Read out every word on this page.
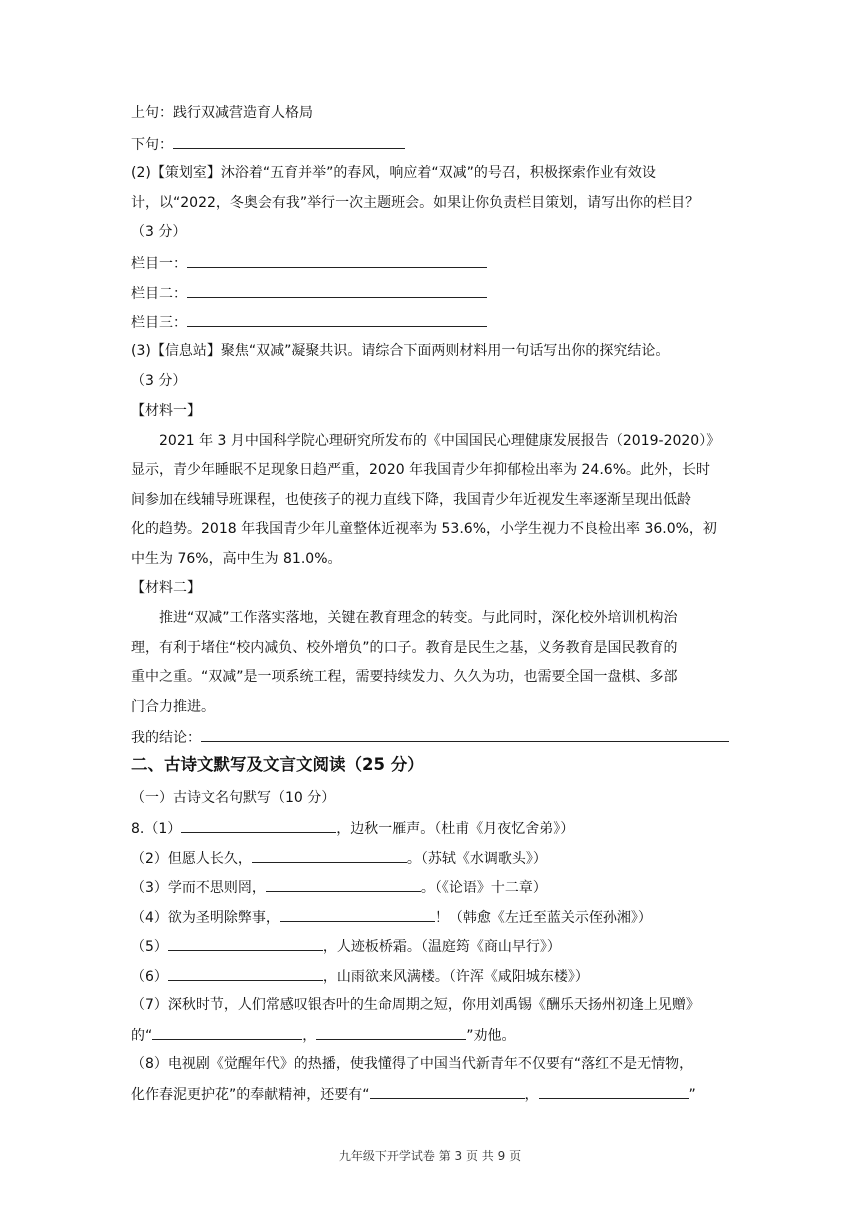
上句：践行双减营造育人格局
下句：
(2)【策划室】沐浴着“五育并举”的春风，响应着“双减”的号召，积极探索作业有效设
计，以“2022，冬奥会有我”举行一次主题班会。如果让你负责栏目策划，请写出你的栏目？
（3 分）
栏目一：
栏目二：
栏目三：
(3)【信息站】聚焦“双减”凝聚共识。请综合下面两则材料用一句话写出你的探究结论。
（3 分）
【材料一】
2021 年 3 月中国科学院心理研究所发布的《中国国民心理健康发展报告（2019-2020）》
显示，青少年睡眠不足现象日趋严重，2020 年我国青少年抑郁检出率为 24.6%。此外，长时
间参加在线辅导班课程，也使孩子的视力直线下降，我国青少年近视发生率逐渐呈现出低龄
化的趋势。2018 年我国青少年儿童整体近视率为 53.6%，小学生视力不良检出率 36.0%，初
中生为 76%，高中生为 81.0%。
【材料二】
推进“双减”工作落实落地，关键在教育理念的转变。与此同时，深化校外培训机构治
理，有利于堵住“校内减负、校外增负”的口子。教育是民生之基，义务教育是国民教育的
重中之重。“双减”是一项系统工程，需要持续发力、久久为功，也需要全国一盘棋、多部
门合力推进。
我的结论：
二、古诗文默写及文言文阅读（25 分）
（一）古诗文名句默写（10 分）
8.（1）	，边秋一雁声。（杜甫《月夜忆舍弟》）
（2）但愿人长久，	。（苏轼《水调歌头》）
（3）学而不思则罔，	。（《论语》十二章）
（4）欲为圣明除弊事，	！（韩愈《左迁至蓝关示侄孙湘》）
（5）	，人迹板桥霜。（温庭筠《商山早行》）
（6）	，山雨欲来风满楼。（许浑《咸阳城东楼》）
（7）深秋时节，人们常感叹银杏叶的生命周期之短，你用刘禹锡《酬乐天扬州初逢上见赠》
的“	，	”劝他。
（8）电视剧《觉醒年代》的热播，使我懂得了中国当代新青年不仅要有“落红不是无情物，
化作春泥更护花”的奉献精神，还要有“	，	”
九年级下开学试卷 第 3 页 共 9 页
